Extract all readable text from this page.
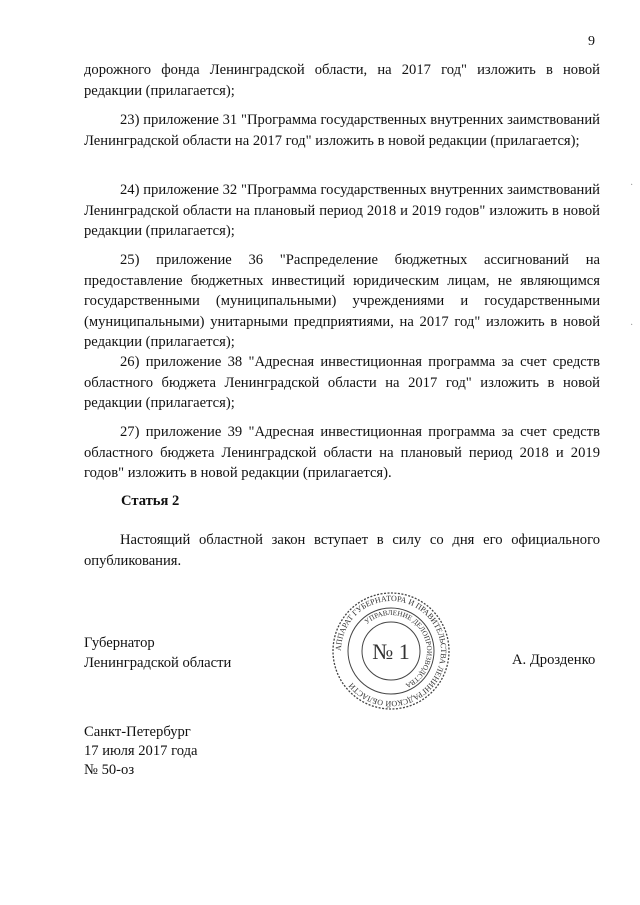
9
дорожного фонда Ленинградской области, на 2017 год" изложить в новой редакции (прилагается);
23) приложение 31 "Программа государственных внутренних заимствований Ленинградской области на 2017 год" изложить в новой редакции (прилагается);
24) приложение 32 "Программа государственных внутренних заимствований Ленинградской области на плановый период 2018 и 2019 годов" изложить в новой редакции (прилагается);
25) приложение 36 "Распределение бюджетных ассигнований на предоставление бюджетных инвестиций юридическим лицам, не являющимся государственными (муниципальными) учреждениями и государственными (муниципальными) унитарными предприятиями, на 2017 год" изложить в новой редакции (прилагается);
26) приложение 38 "Адресная инвестиционная программа за счет средств областного бюджета Ленинградской области на 2017 год" изложить в новой редакции (прилагается);
27) приложение 39 "Адресная инвестиционная программа за счет средств областного бюджета Ленинградской области на плановый период 2018 и 2019 годов" изложить в новой редакции (прилагается).
Статья 2
Настоящий областной закон вступает в силу со дня его официального опубликования.
Губернатор
Ленинградской области	А. Дрозденко
АППАРАТ ГУБЕРНАТОРА И ПРАВИТЕЛЬСТВА ЛЕНИНГРАДСКОЙ ОБЛАСТИ
УПРАВЛЕНИЕ ДЕЛОПРОИЗВОДСТВА
№ 1
Санкт-Петербург
17 июля 2017 года
№ 50-оз
·
·
